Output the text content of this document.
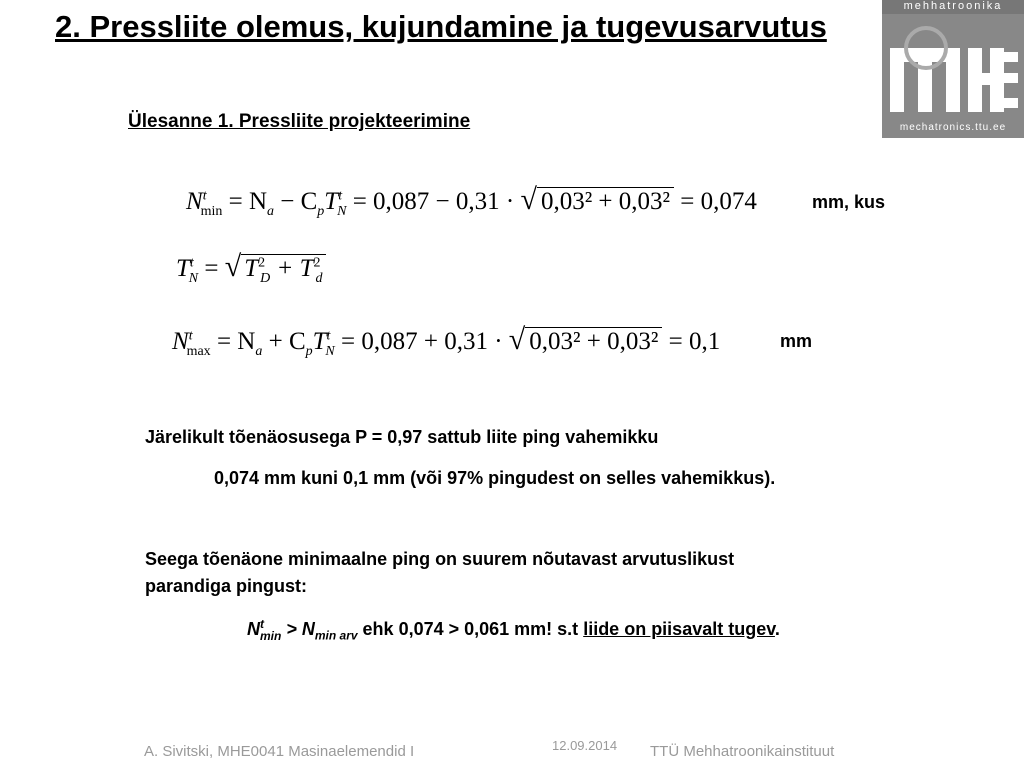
2. Pressliite olemus, kujundamine ja tugevusarvutus
Ülesanne 1. Pressliite projekteerimine
mehhatroonika
mechatronics.ttu.ee
$N^t_{min} = N_a - C_pT^t_N = 0,087 - 0,31$ · √ 0,03² + 0,03² = 0,074	mm, kus
$T^t_N$ = √ $T^2_D + T^2_d$
$N^t_{max} = N_a + C_pT^t_N = 0,087 + 0,31$ · √ 0,03² + 0,03² = 0,1	mm
Järelikult tõenäosusega P = 0,97 sattub liite ping vahemikku
0,074 mm kuni 0,1 mm (või 97% pingudest on selles vahemikkus).
Seega tõenäone minimaalne ping on suurem nõutavast arvutuslikust
parandiga pingust:
$N^t_{min} > N_{min arv}$ ehk 0,074 > 0,061 mm! s.t liide on piisavalt tugev.
A. Sivitski, MHE0041 Masinaelemendid I	12.09.2014 TTÜ Mehhatroonikainstituut
